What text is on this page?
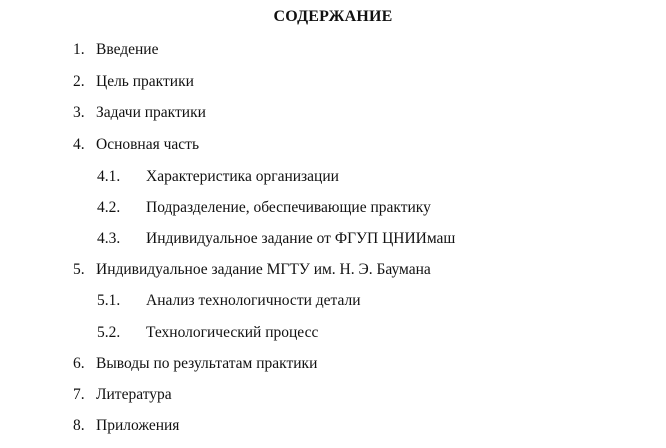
СОДЕРЖАНИЕ
1. Введение
2. Цель практики
3. Задачи практики
4. Основная часть
4.1. Характеристика организации
4.2. Подразделение, обеспечивающие практику
4.3. Индивидуальное задание от ФГУП ЦНИИмаш
5. Индивидуальное задание МГТУ им. Н. Э. Баумана
5.1. Анализ технологичности детали
5.2. Технологический процесс
6. Выводы по результатам практики
7. Литература
8. Приложения
